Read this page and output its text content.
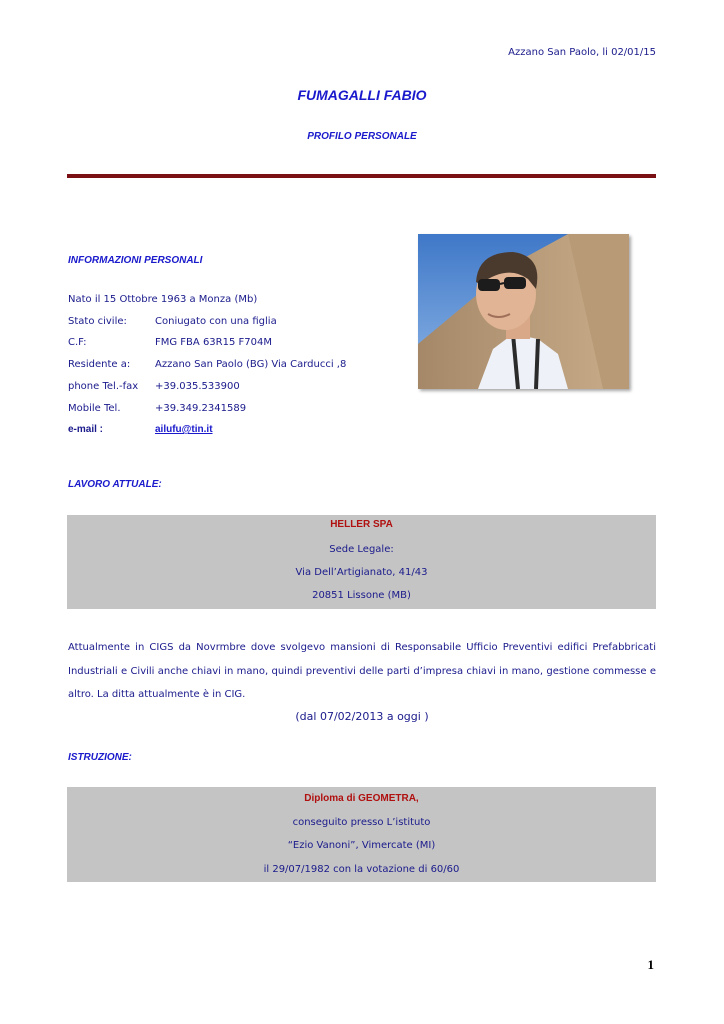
Azzano San Paolo, li 02/01/15
FUMAGALLI FABIO
PROFILO PERSONALE
INFORMAZIONI PERSONALI
Nato il 15 Ottobre 1963 a Monza (Mb)
Stato civile:	Coniugato con una figlia
C.F:	FMG FBA 63R15 F704M
Residente a: Azzano San Paolo (BG) Via Carducci ,8
phone Tel.-fax +39.035.533900
Mobile Tel.	+39.349.2341589
e-mail :	ailufu@tin.it
LAVORO ATTUALE:
HELLER SPA
Sede Legale:
Via Dell’Artigianato, 41/43
20851 Lissone (MB)
Attualmente in CIGS da Novrmbre dove svolgevo mansioni di Responsabile Ufficio Preventivi edifici Prefabbricati Industriali e Civili anche chiavi in mano, quindi preventivi delle parti d’impresa chiavi in mano, gestione commesse e altro. La ditta attualmente è in CIG.
(dal 07/02/2013 a oggi )
ISTRUZIONE:
Diploma di GEOMETRA,
conseguito presso L’istituto
“Ezio Vanoni”, Vimercate (MI)
il 29/07/1982 con la votazione di 60/60
1
